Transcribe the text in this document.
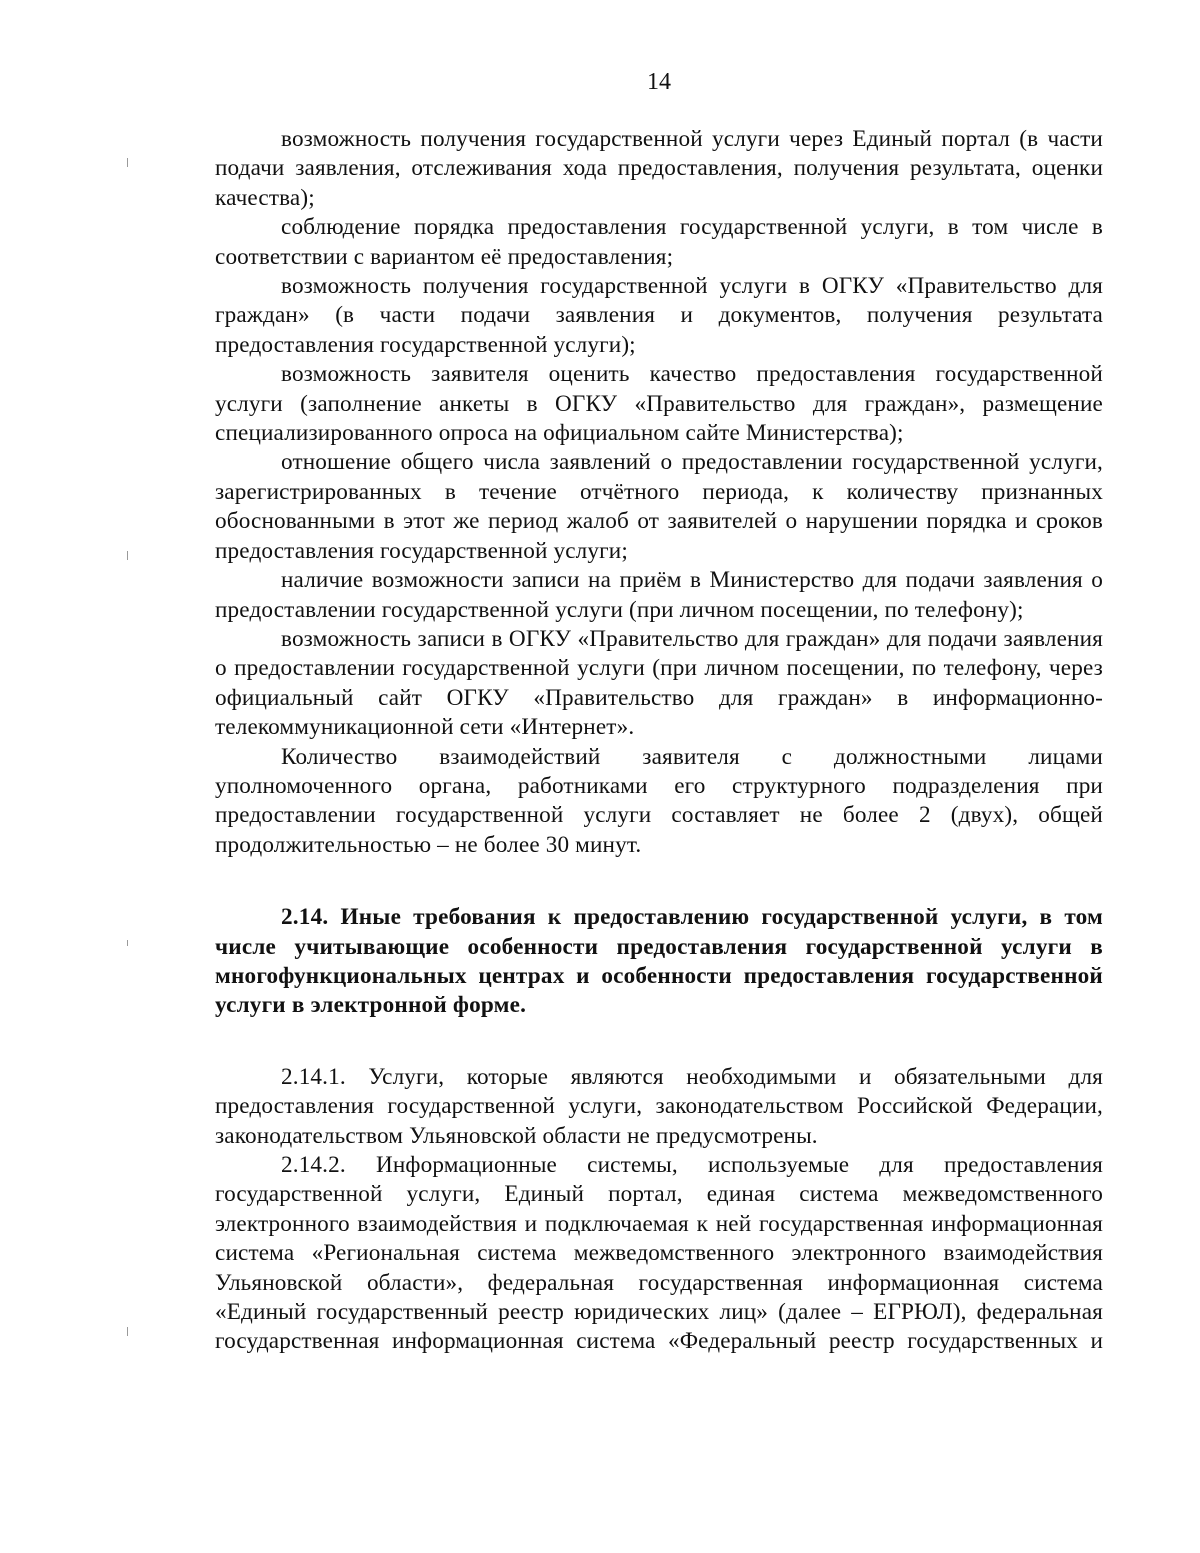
14

возможность получения государственной услуги через Единый портал (в части подачи заявления, отслеживания хода предоставления, получения результата, оценки качества);

соблюдение порядка предоставления государственной услуги, в том числе в соответствии с вариантом её предоставления;

возможность получения государственной услуги в ОГКУ «Правительство для граждан» (в части подачи заявления и документов, получения результата предоставления государственной услуги);

возможность заявителя оценить качество предоставления государственной услуги (заполнение анкеты в ОГКУ «Правительство для граждан», размещение специализированного опроса на официальном сайте Министерства);

отношение общего числа заявлений о предоставлении государственной услуги, зарегистрированных в течение отчётного периода, к количеству признанных обоснованными в этот же период жалоб от заявителей о нарушении порядка и сроков предоставления государственной услуги;

наличие возможности записи на приём в Министерство для подачи заявления о предоставлении государственной услуги (при личном посещении, по телефону);

возможность записи в ОГКУ «Правительство для граждан» для подачи заявления о предоставлении государственной услуги (при личном посещении, по телефону, через официальный сайт ОГКУ «Правительство для граждан» в информационно-телекоммуникационной сети «Интернет».

Количество взаимодействий заявителя с должностными лицами уполномоченного органа, работниками его структурного подразделения при предоставлении государственной услуги составляет не более 2 (двух), общей продолжительностью – не более 30 минут.

2.14. Иные требования к предоставлению государственной услуги, в том числе учитывающие особенности предоставления государственной услуги в многофункциональных центрах и особенности предоставления государственной услуги в электронной форме.

2.14.1. Услуги, которые являются необходимыми и обязательными для предоставления государственной услуги, законодательством Российской Федерации, законодательством Ульяновской области не предусмотрены.

2.14.2. Информационные системы, используемые для предоставления государственной услуги, Единый портал, единая система межведомственного электронного взаимодействия и подключаемая к ней государственная информационная система «Региональная система межведомственного электронного взаимодействия Ульяновской области», федеральная государственная информационная система «Единый государственный реестр юридических лиц» (далее – ЕГРЮЛ), федеральная государственная информационная система «Федеральный реестр государственных и
